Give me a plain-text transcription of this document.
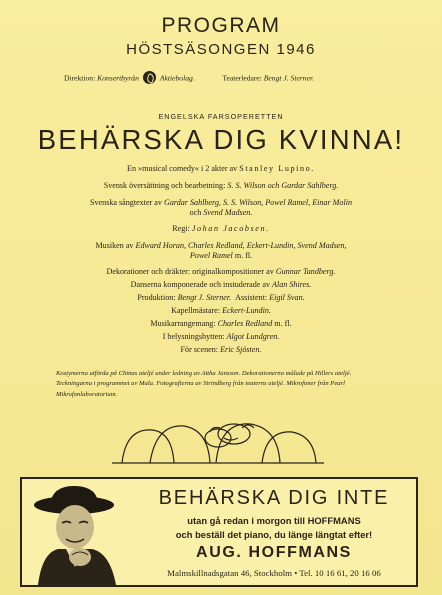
PROGRAM
HÖSTSÄSONGEN 1946
Direktion: Konsertbyrån	Aktiebolag.	Teaterledare: Bengt J. Sterner.
ENGELSKA FARSOPERETTEN
BEHÄRSKA DIG KVINNA!
En »musical comedy« i 2 akter av Stanley Lupino.
Svensk översättning och bearbetning: S. S. Wilson och Gardar Sahlberg.
Svenska sångtexter av Gardar Sahlberg, S. S. Wilson, Powel Ramel, Einar Molin
och Svend Madsen.
Regi: Johan Jacobsen.
Musiken av Edward Horan, Charles Redland, Eckert-Lundin, Svend Madsen,
Powel Ramel m. fl.
Dekorationer och dräkter: originalkompositioner av Gunnar Tandberg.
Danserna komponerade och instuderade av Alan Shires.
Produktion: Bengt J. Sterner. Assistent: Eigil Svan.
Kapellmästare: Eckert-Lundin.
Musikarrangemang: Charles Redland m. fl.
Kostymerna utförda på Chinas ateljé under ledning av Attha Jansson. Dekorationerna målade på Hillers ateljé. Teckningarna i programmet av Mala. Fotografierna av Strindberg från teaterns ateljé. Mikrofoner från Pearl Mikrofonlaboratorium.
I belysningshytten: Algot Lundgren.
För scenen: Eric Sjösten.
BEHÄRSKA DIG INTE
utan gå redan i morgon till HOFFMANS
och beställ det piano, du länge längtat efter!
AUG. HOFFMANS
Malmskillnadsgatan 46, Stockholm • Tel. 10 16 61, 20 16 06
